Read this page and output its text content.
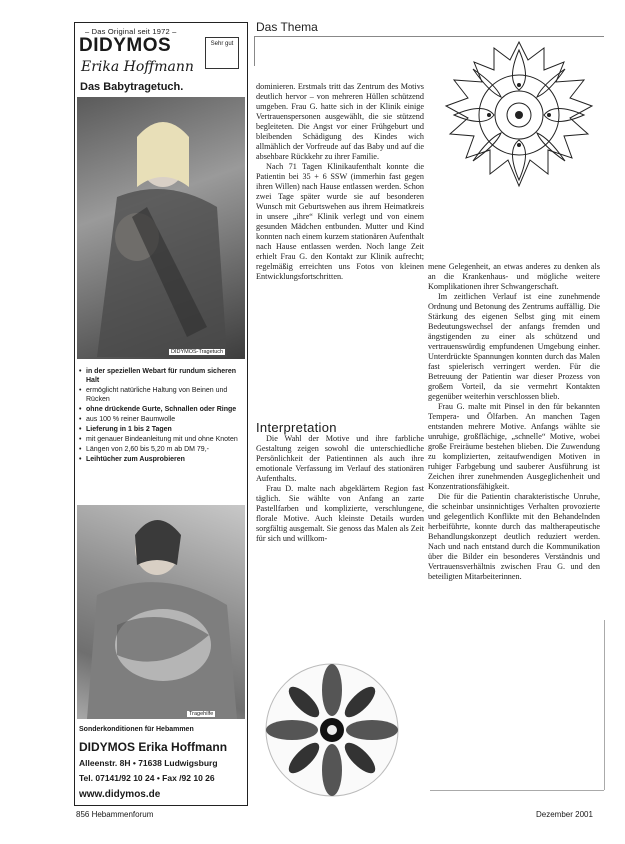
– Das Original seit 1972 –
DIDYMOS	Sehr gut
Erika Hoffmann
Das Babytragetuch.
DIDYMOS-Tragetuch
• in der speziellen Webart für rundum sicheren Halt
• ermöglicht natürliche Haltung von Beinen und Rücken
• ohne drückende Gurte, Schnallen oder Ringe
• aus 100 % reiner Baumwolle
• Lieferung in 1 bis 2 Tagen
• mit genauer Bindeanleitung mit und ohne Knoten
• Längen von 2,60 bis 5,20 m ab DM 79,-
• Leihtücher zum Ausprobieren
Tragehilfe
Sonderkonditionen für Hebammen
DIDYMOS Erika Hoffmann
Alleenstr. 8H • 71638 Ludwigsburg
Tel. 07141/92 10 24 • Fax /92 10 26
www.didymos.de
Das Thema

dominieren. Erstmals tritt das Zentrum des Motivs deutlich hervor – von mehreren Hüllen schützend umgeben. Frau G. hatte sich in der Klinik einige Vertrauenspersonen ausgewählt, die sie stützend begleiteten. Die Angst vor einer Frühgeburt und bleibenden Schädigung des Kindes wich allmählich der Vorfreude auf das Baby und auf die absehbare Rückkehr zu ihrer Familie.

Nach 71 Tagen Klinikaufenthalt konnte die Patientin bei 35 + 6 SSW (immerhin fast gegen ihren Willen) nach Hause entlassen werden. Schon zwei Tage später wurde sie auf besonderen Wunsch mit Geburtswehen aus ihrem Heimatkreis in unsere „ihre“ Klinik verlegt und von einem gesunden Mädchen entbunden. Mutter und Kind konnten nach einem kurzem stationären Aufenthalt nach Hause entlassen werden. Noch lange Zeit erhielt Frau G. den Kontakt zur Klinik aufrecht; regelmäßig erreichten uns Fotos von kleinen Entwicklungsfortschritten.

Interpretation

Die Wahl der Motive und ihre farbliche Gestaltung zeigen sowohl die unterschiedliche Persönlichkeit der Patientinnen als auch ihre emotionale Verfassung im Verlauf des stationären Aufenthalts.

Frau D. malte nach abgeklärtem Region fast täglich. Sie wählte von Anfang an zarte Pastellfarben und komplizierte, verschlungene, florale Motive. Auch kleinste Details wurden sorgfältig ausgemalt. Sie genoss das Malen als Zeit für sich und willkom-

mene Gelegenheit, an etwas anderes zu denken als an die Krankenhaus- und mögliche weitere Komplikationen ihrer Schwangerschaft.

Im zeitlichen Verlauf ist eine zunehmende Ordnung und Betonung des Zentrums auffällig. Die Stärkung des eigenen Selbst ging mit einem Bedeutungswechsel der anfangs fremden und ängstigenden zu einer als schützend und vertrauenswürdig empfundenen Umgebung einher. Unterdrückte Spannungen konnten durch das Malen fast spielerisch verringert werden. Für die Betreuung der Patientin war dieser Prozess von großem Vorteil, da sie vermehrt Kontakten gegenüber weiterhin verschlossen blieb.

Frau G. malte mit Pinsel in den für bekannten Tempera- und Ölfarben. An manchen Tagen entstanden mehrere Motive. Anfangs wählte sie unruhige, großflächige, „schnelle“ Motive, wobei große Freiräume bestehen blieben. Die Zuwendung zu komplizierten, zeitaufwendigen Motiven in ruhiger Farbgebung und sauberer Ausführung ist Zeichen ihrer zunehmenden Ausgeglichenheit und Konzentrationsfähigkeit.

Die für die Patientin charakteristische Unruhe, die scheinbar unsinnichtiges Verhalten provozierte und gelegentlich Konflikte mit den Behandelnden herbeiführte, konnte durch das maltherapeutische Behandlungskonzept deutlich reduziert werden. Nach und nach entstand durch die Kommunikation über die Bilder ein besonderes Verständnis und Vertrauensverhältnis zwischen Frau G. und den beteiligten Mitarbeiterinnen.

856 Hebammenforum	Dezember 2001
